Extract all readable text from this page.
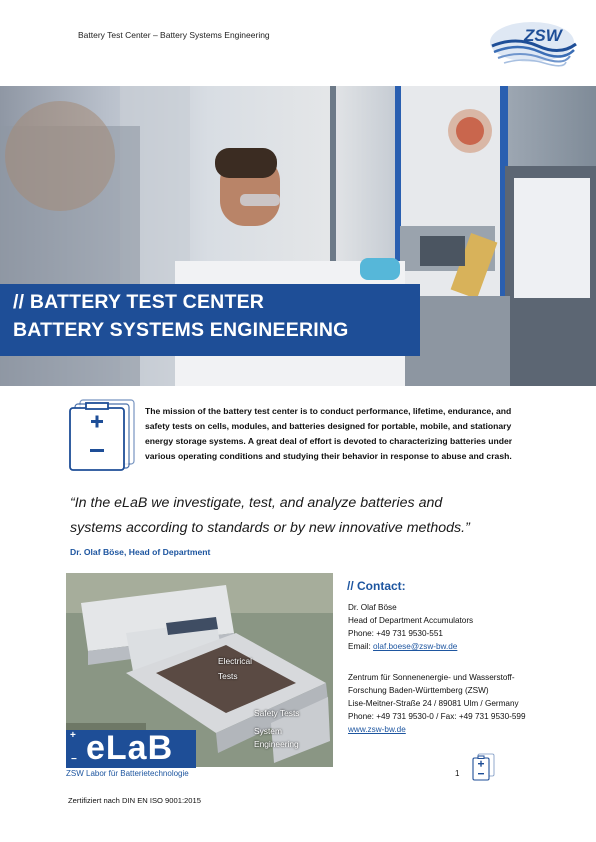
Battery Test Center – Battery Systems Engineering	ZSW
// BATTERY TEST CENTER
BATTERY SYSTEMS ENGINEERING
The mission of the battery test center is to conduct performance, lifetime, endurance, and safety tests on cells, modules, and batteries designed for portable, mobile, and stationary energy storage systems. A great deal of effort is devoted to characterizing batteries under various operating conditions and studying their behavior in response to abuse and crash.
“In the eLaB we investigate, test, and analyze batteries and
systems according to standards or by new innovative methods.”
Dr. Olaf Böse, Head of Department
Electrical
Tests
Safety Tests
System
Engineering
+
− eLaB
ZSW Labor für Batterietechnologie
// Contact:
Dr. Olaf Böse
Head of Department Accumulators
Phone: +49 731 9530-551
Email: olaf.boese@zsw-bw.de
Zentrum für Sonnenenergie- und Wasserstoff-
Forschung Baden-Württemberg (ZSW)
Lise-Meitner-Straße 24 / 89081 Ulm / Germany
Phone: +49 731 9530-0 / Fax: +49 731 9530-599
www.zsw-bw.de
1
Zertifiziert nach DIN EN ISO 9001:2015
